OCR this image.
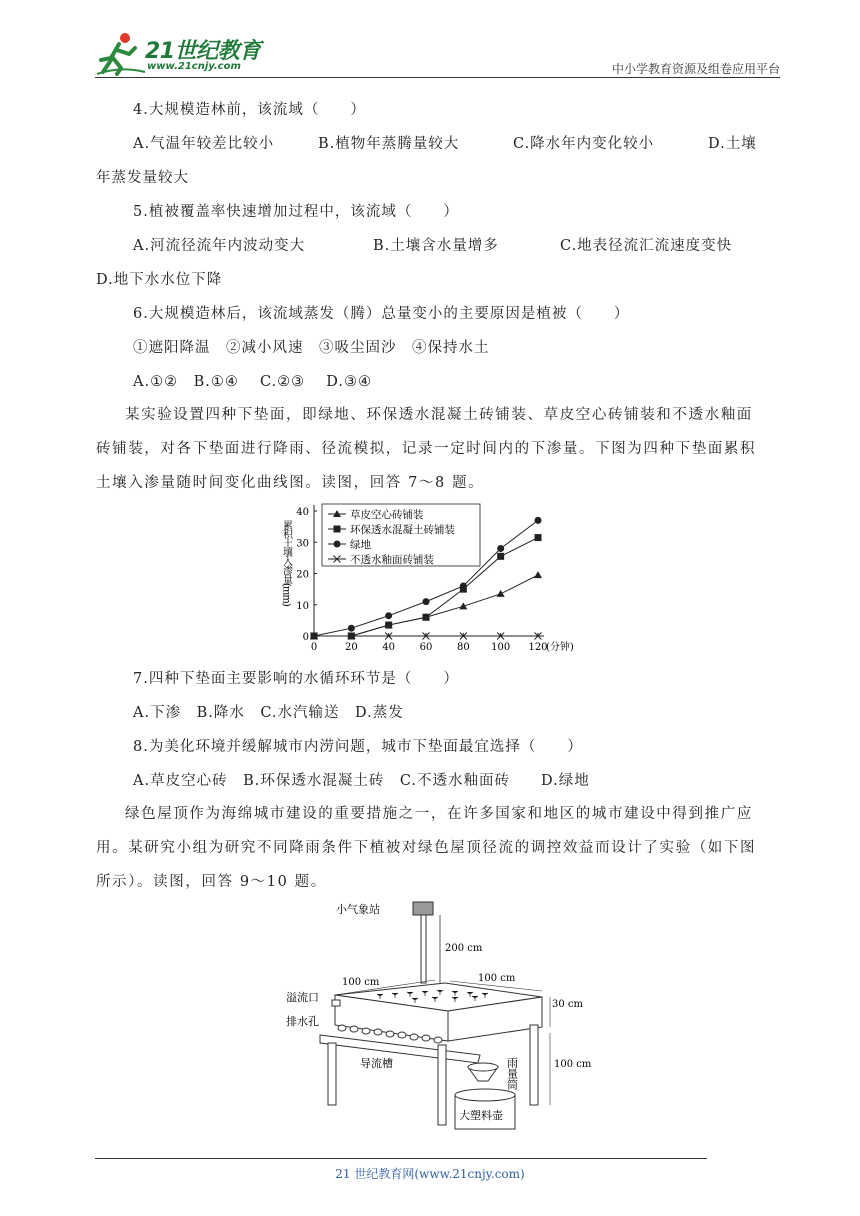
21世纪教育
www.21cnjy.com	中小学教育资源及组卷应用平台
4.大规模造林前，该流域（　　）
A.气温年较差比较小	B.植物年蒸腾量较大	C.降水年内变化较小	D.土壤
年蒸发量较大
5.植被覆盖率快速增加过程中，该流域（　　）
A.河流径流年内波动变大	B.土壤含水量增多	C.地表径流汇流速度变快
D.地下水水位下降
6.大规模造林后，该流域蒸发（腾）总量变小的主要原因是植被（　　）
①遮阳降温　②减小风速　③吸尘固沙　④保持水土
A.①②　B.①④　 C.②③　 D.③④
某实验设置四种下垫面，即绿地、环保透水混凝土砖铺装、草皮空心砖铺装和不透水釉面砖铺装，对各下垫面进行降雨、径流模拟，记录一定时间内的下渗量。下图为四种下垫面累积土壤入渗量随时间变化曲线图。读图，回答 7～8 题。
0
10
20
30
40
0	20 40 60 80 100 120
(分钟)
累积土壤入渗量(mm)
草皮空心砖铺装
环保透水混凝土砖铺装
绿地
不透水釉面砖铺装
7.四种下垫面主要影响的水循环环节是（　　）
A.下渗　B.降水　C.水汽输送　D.蒸发
8.为美化环境并缓解城市内涝问题，城市下垫面最宜选择（　　）
A.草皮空心砖　B.环保透水混凝土砖　C.不透水釉面砖　　D.绿地
绿色屋顶作为海绵城市建设的重要措施之一，在许多国家和地区的城市建设中得到推广应用。某研究小组为研究不同降雨条件下植被对绿色屋顶径流的调控效益而设计了实验（如下图所示）。读图，回答 9～10 题。
小气象站
200 cm
100 cm	100 cm
30 cm
溢流口
排水孔
导流槽	100 cm
雨量筒
大塑料壶
21 世纪教育网(www.21cnjy.com)
